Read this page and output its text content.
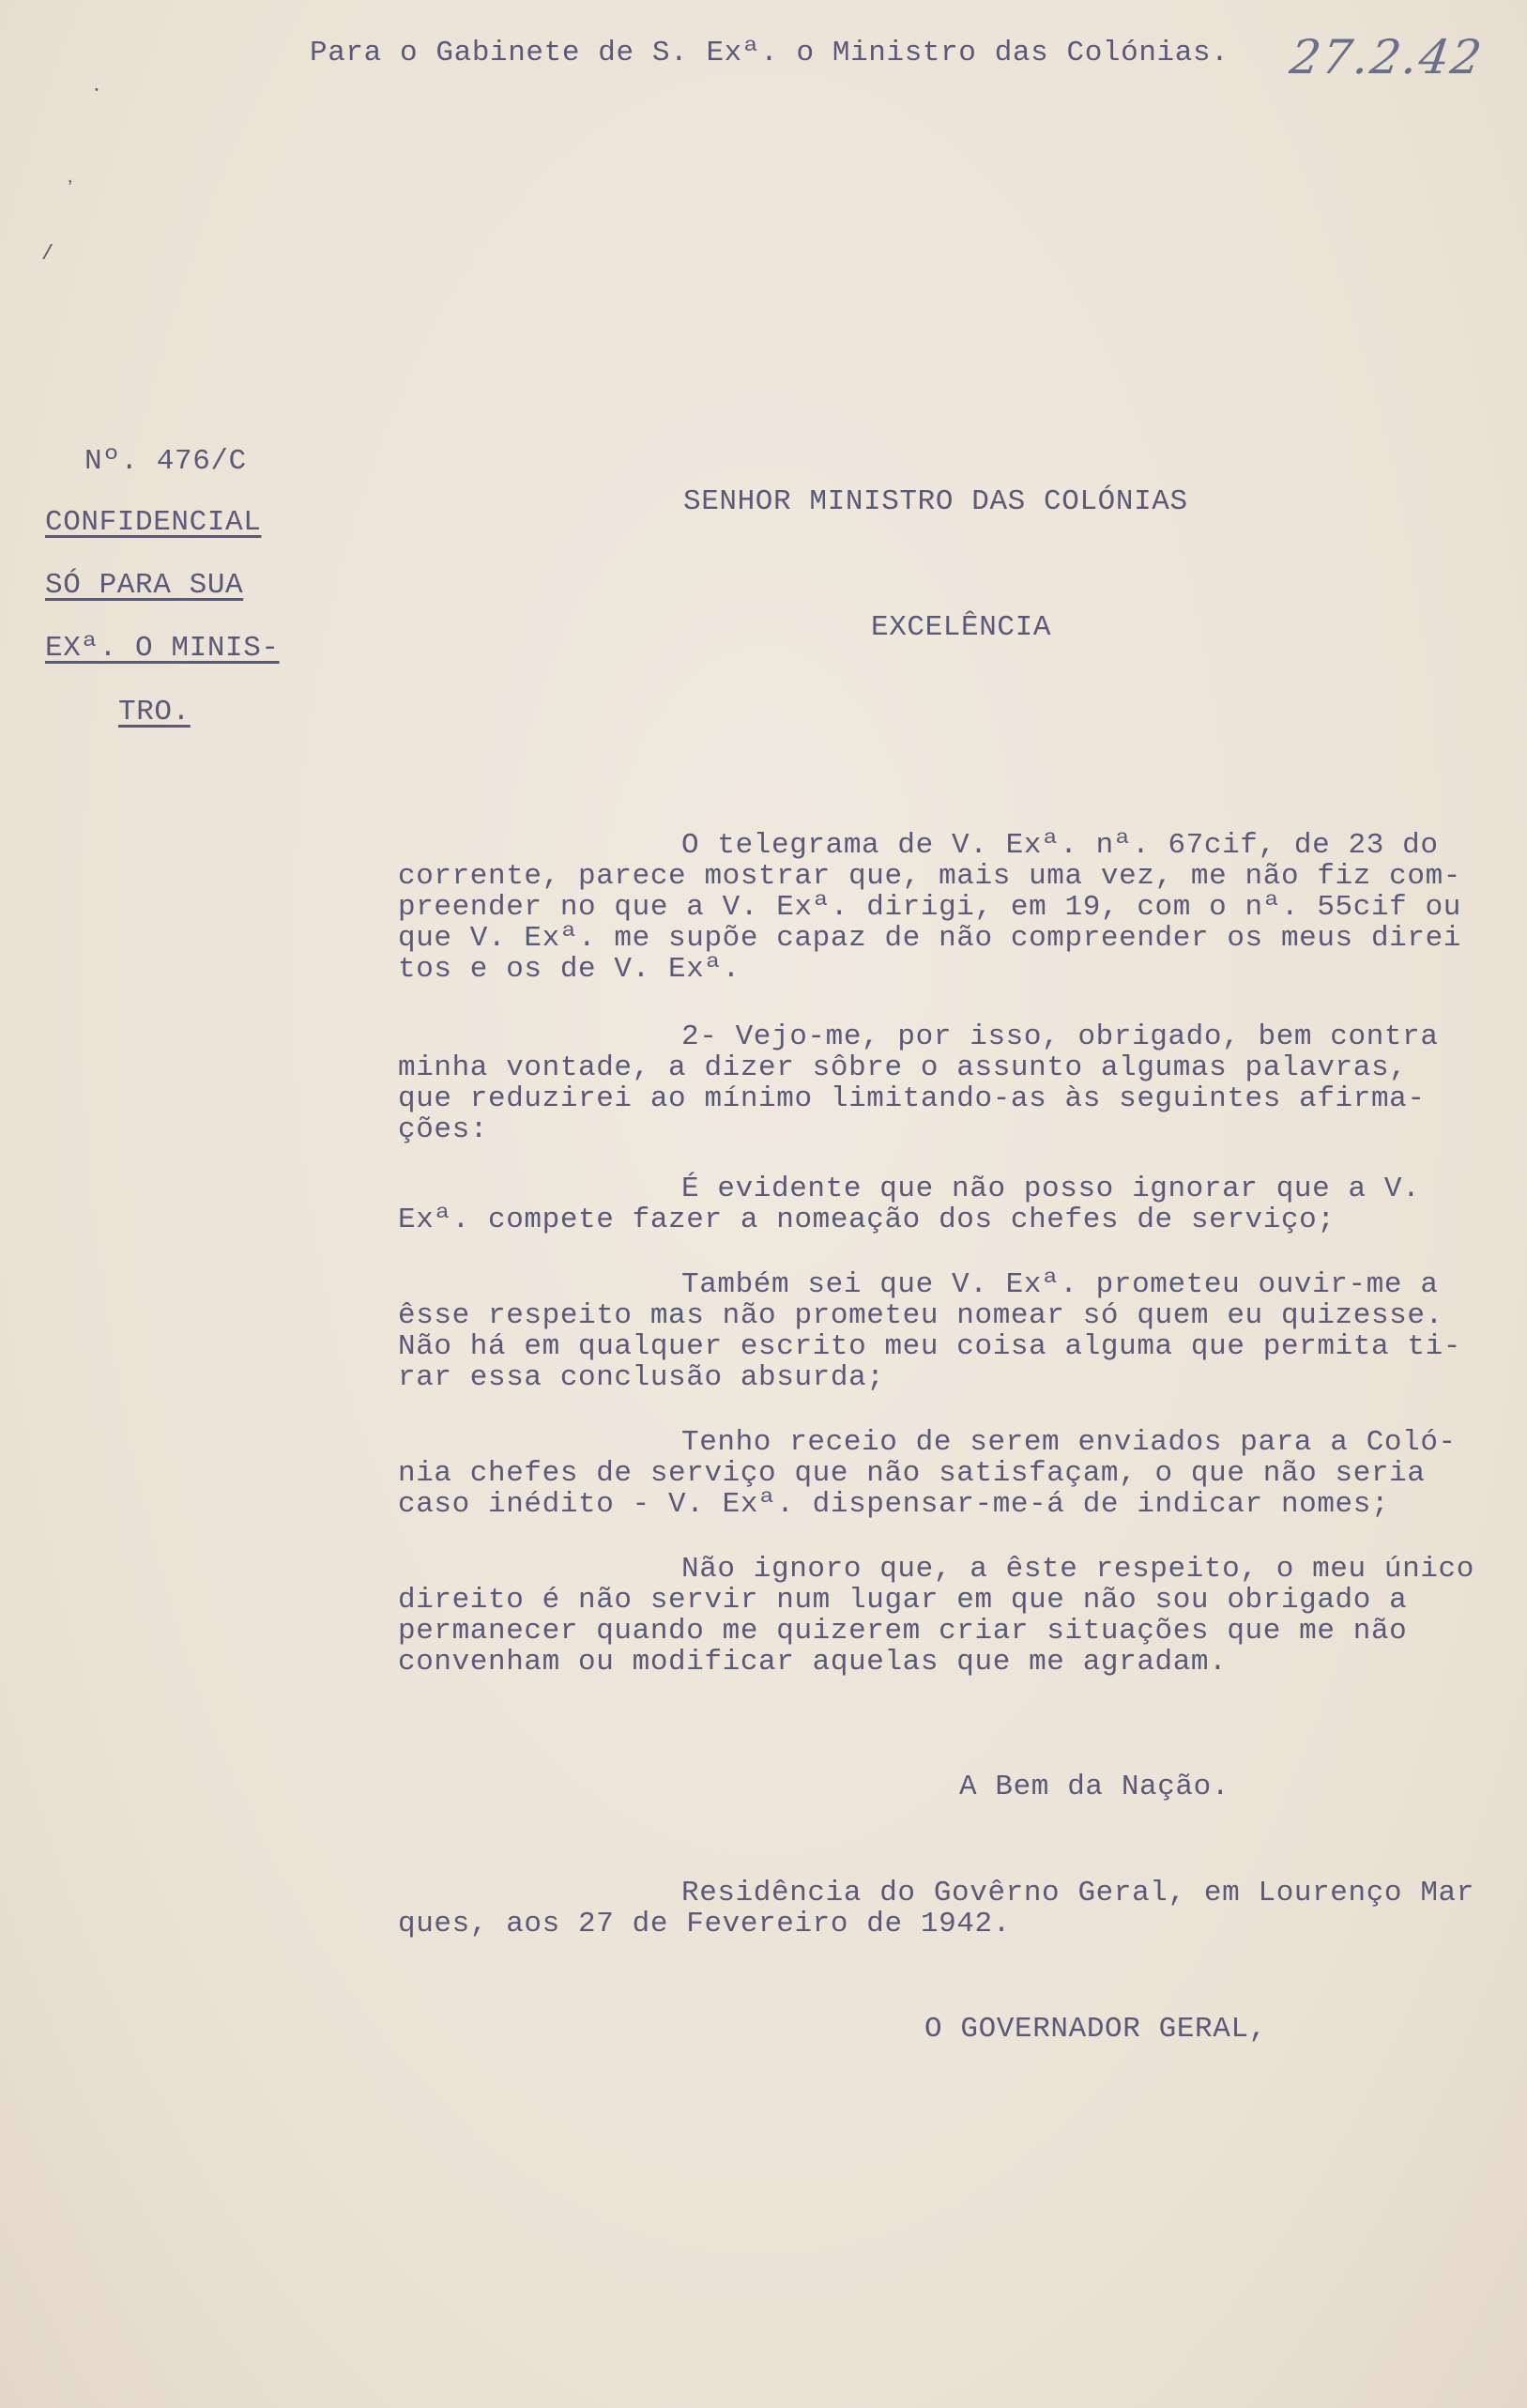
⸱
ʼ
/
Para o Gabinete de S. Exª. o Ministro das Colónias. 27.2.42
Nº. 476/C
CONFIDENCIAL
SÓ PARA SUA
EXª. O MINIS-
TRO.
SENHOR MINISTRO DAS COLÓNIAS
EXCELÊNCIA
O telegrama de V. Exª. nª. 67cif, de 23 do
corrente, parece mostrar que, mais uma vez, me não fiz com-
preender no que a V. Exª. dirigi, em 19, com o nª. 55cif ou
que V. Exª. me supõe capaz de não compreender os meus direi
tos e os de V. Exª.
2- Vejo-me, por isso, obrigado, bem contra
minha vontade, a dizer sôbre o assunto algumas palavras,
que reduzirei ao mínimo limitando-as às seguintes afirma-
ções:
É evidente que não posso ignorar que a V.
Exª. compete fazer a nomeação dos chefes de serviço;
Também sei que V. Exª. prometeu ouvir-me a
êsse respeito mas não prometeu nomear só quem eu quizesse.
Não há em qualquer escrito meu coisa alguma que permita ti-
rar essa conclusão absurda;
Tenho receio de serem enviados para a Coló-
nia chefes de serviço que não satisfaçam, o que não seria
caso inédito - V. Exª. dispensar-me-á de indicar nomes;
Não ignoro que, a êste respeito, o meu único
direito é não servir num lugar em que não sou obrigado a
permanecer quando me quizerem criar situações que me não
convenham ou modificar aquelas que me agradam.
A Bem da Nação.
Residência do Govêrno Geral, em Lourenço Mar
ques, aos 27 de Fevereiro de 1942.
O GOVERNADOR GERAL,
